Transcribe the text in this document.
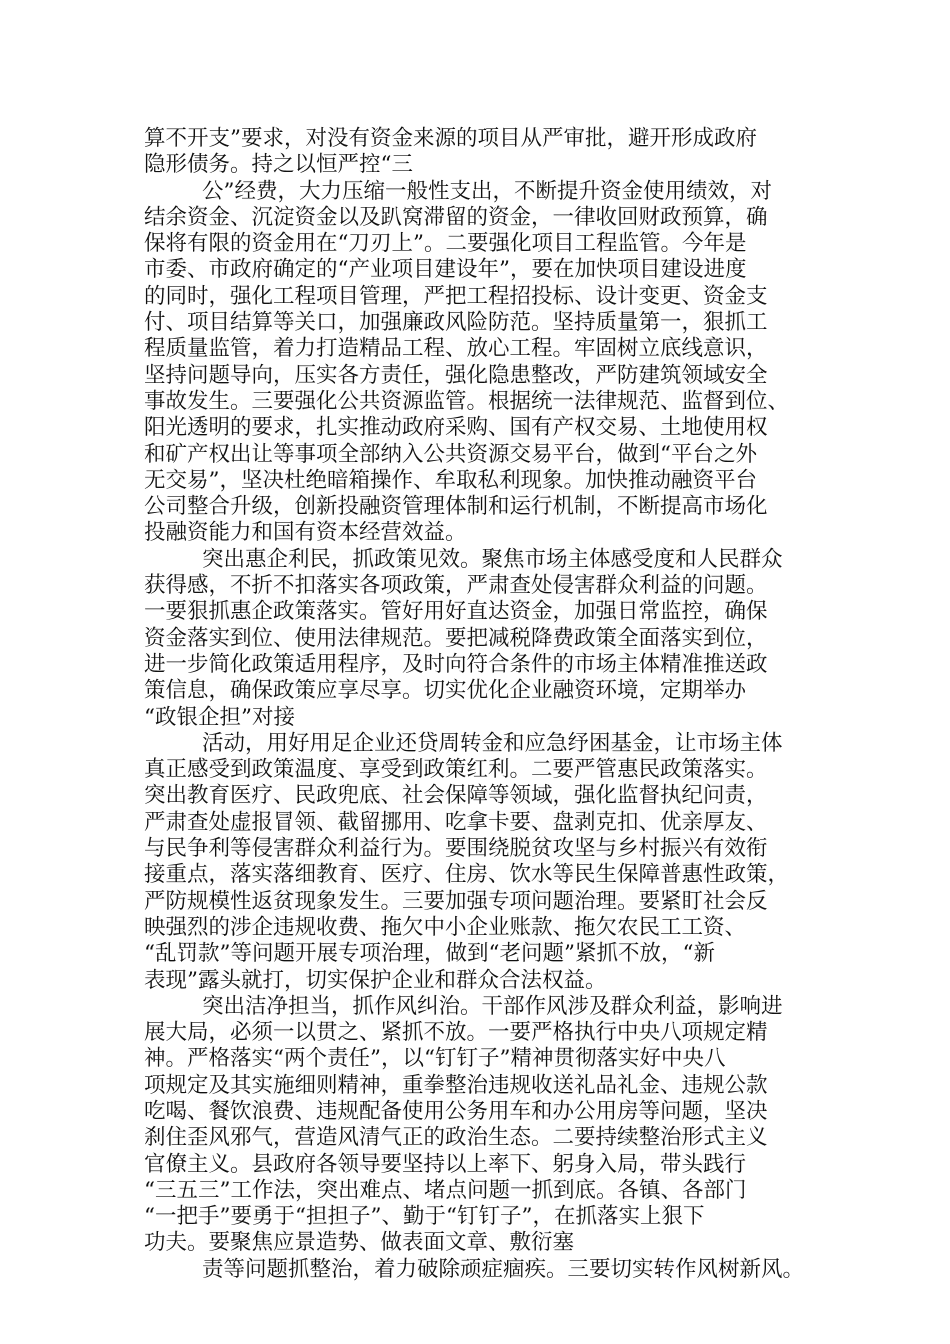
算不开支”要求，对没有资金来源的项目从严审批，避开形成政府
隐形债务。持之以恒严控“三
公”经费，大力压缩一般性支出，不断提升资金使用绩效，对
结余资金、沉淀资金以及趴窝滞留的资金，一律收回财政预算，确
保将有限的资金用在“刀刃上”。二要强化项目工程监管。今年是
市委、市政府确定的“产业项目建设年”，要在加快项目建设进度
的同时，强化工程项目管理，严把工程招投标、设计变更、资金支
付、项目结算等关口，加强廉政风险防范。坚持质量第一，狠抓工
程质量监管，着力打造精品工程、放心工程。牢固树立底线意识，
坚持问题导向，压实各方责任，强化隐患整改，严防建筑领域安全
事故发生。三要强化公共资源监管。根据统一法律规范、监督到位、
阳光透明的要求，扎实推动政府采购、国有产权交易、土地使用权
和矿产权出让等事项全部纳入公共资源交易平台，做到“平台之外
无交易”，坚决杜绝暗箱操作、牟取私利现象。加快推动融资平台
公司整合升级，创新投融资管理体制和运行机制，不断提高市场化
投融资能力和国有资本经营效益。
突出惠企利民，抓政策见效。聚焦市场主体感受度和人民群众
获得感，不折不扣落实各项政策，严肃查处侵害群众利益的问题。
一要狠抓惠企政策落实。管好用好直达资金，加强日常监控，确保
资金落实到位、使用法律规范。要把减税降费政策全面落实到位，
进一步简化政策适用程序，及时向符合条件的市场主体精准推送政
策信息，确保政策应享尽享。切实优化企业融资环境，定期举办
“政银企担”对接
活动，用好用足企业还贷周转金和应急纾困基金，让市场主体
真正感受到政策温度、享受到政策红利。二要严管惠民政策落实。
突出教育医疗、民政兜底、社会保障等领域，强化监督执纪问责，
严肃查处虚报冒领、截留挪用、吃拿卡要、盘剥克扣、优亲厚友、
与民争利等侵害群众利益行为。要围绕脱贫攻坚与乡村振兴有效衔
接重点，落实落细教育、医疗、住房、饮水等民生保障普惠性政策，
严防规模性返贫现象发生。三要加强专项问题治理。要紧盯社会反
映强烈的涉企违规收费、拖欠中小企业账款、拖欠农民工工资、
“乱罚款”等问题开展专项治理，做到“老问题”紧抓不放，“新
表现”露头就打，切实保护企业和群众合法权益。
突出洁净担当，抓作风纠治。干部作风涉及群众利益，影响进
展大局，必须一以贯之、紧抓不放。一要严格执行中央八项规定精
神。严格落实“两个责任”，以“钉钉子”精神贯彻落实好中央八
项规定及其实施细则精神，重拳整治违规收送礼品礼金、违规公款
吃喝、餐饮浪费、违规配备使用公务用车和办公用房等问题，坚决
刹住歪风邪气，营造风清气正的政治生态。二要持续整治形式主义
官僚主义。县政府各领导要坚持以上率下、躬身入局，带头践行
“三五三”工作法，突出难点、堵点问题一抓到底。各镇、各部门
“一把手”要勇于“担担子”、勤于“钉钉子”，在抓落实上狠下
功夫。要聚焦应景造势、做表面文章、敷衍塞
责等问题抓整治，着力破除顽症痼疾。三要切实转作风树新风。
